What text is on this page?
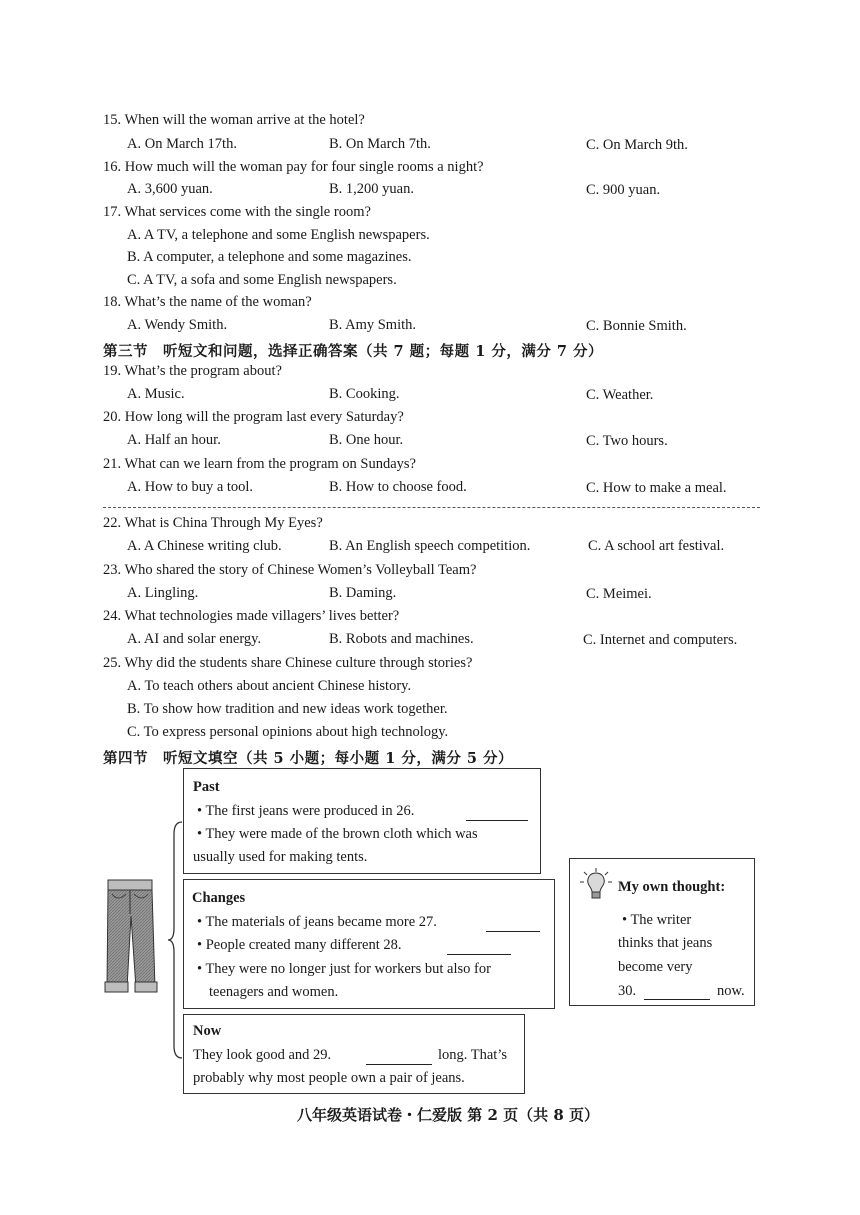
15. When will the woman arrive at the hotel?
A. On March 17th.	B. On March 7th.	C. On March 9th.
16. How much will the woman pay for four single rooms a night?
A. 3,600 yuan.	B. 1,200 yuan.	C. 900 yuan.
17. What services come with the single room?
A. A TV, a telephone and some English newspapers.
B. A computer, a telephone and some magazines.
C. A TV, a sofa and some English newspapers.
18. What’s the name of the woman?
A. Wendy Smith.	B. Amy Smith.	C. Bonnie Smith.
第三节　听短文和问题，选择正确答案（共 7 题；每题 1 分，满分 7 分）
19. What’s the program about?
A. Music.	B. Cooking.	C. Weather.
20. How long will the program last every Saturday?
A. Half an hour.	B. One hour.	C. Two hours.
21. What can we learn from the program on Sundays?
A. How to buy a tool.	B. How to choose food.	C. How to make a meal.
22. What is China Through My Eyes?
A. A Chinese writing club.	B. An English speech competition.	C. A school art festival.
23. Who shared the story of Chinese Women’s Volleyball Team?
A. Lingling.	B. Daming.	C. Meimei.
24. What technologies made villagers’ lives better?
A. AI and solar energy.	B. Robots and machines.	C. Internet and computers.
25. Why did the students share Chinese culture through stories?
A. To teach others about ancient Chinese history.
B. To show how tradition and new ideas work together.
C. To express personal opinions about high technology.
第四节　听短文填空（共 5 小题；每小题 1 分，满分 5 分）
Past
• The first jeans were produced in 26.
• They were made of the brown cloth which was
usually used for making tents.
Changes
• The materials of jeans became more 27.
• People created many different 28.
• They were no longer just for workers but also for
teenagers and women.
Now
They look good and 29.	long. That’s
probably why most people own a pair of jeans.
My own thought:
• The writer
thinks that jeans
become very
30.	now.
八年级英语试卷・仁爱版 第 2 页（共 8 页）
